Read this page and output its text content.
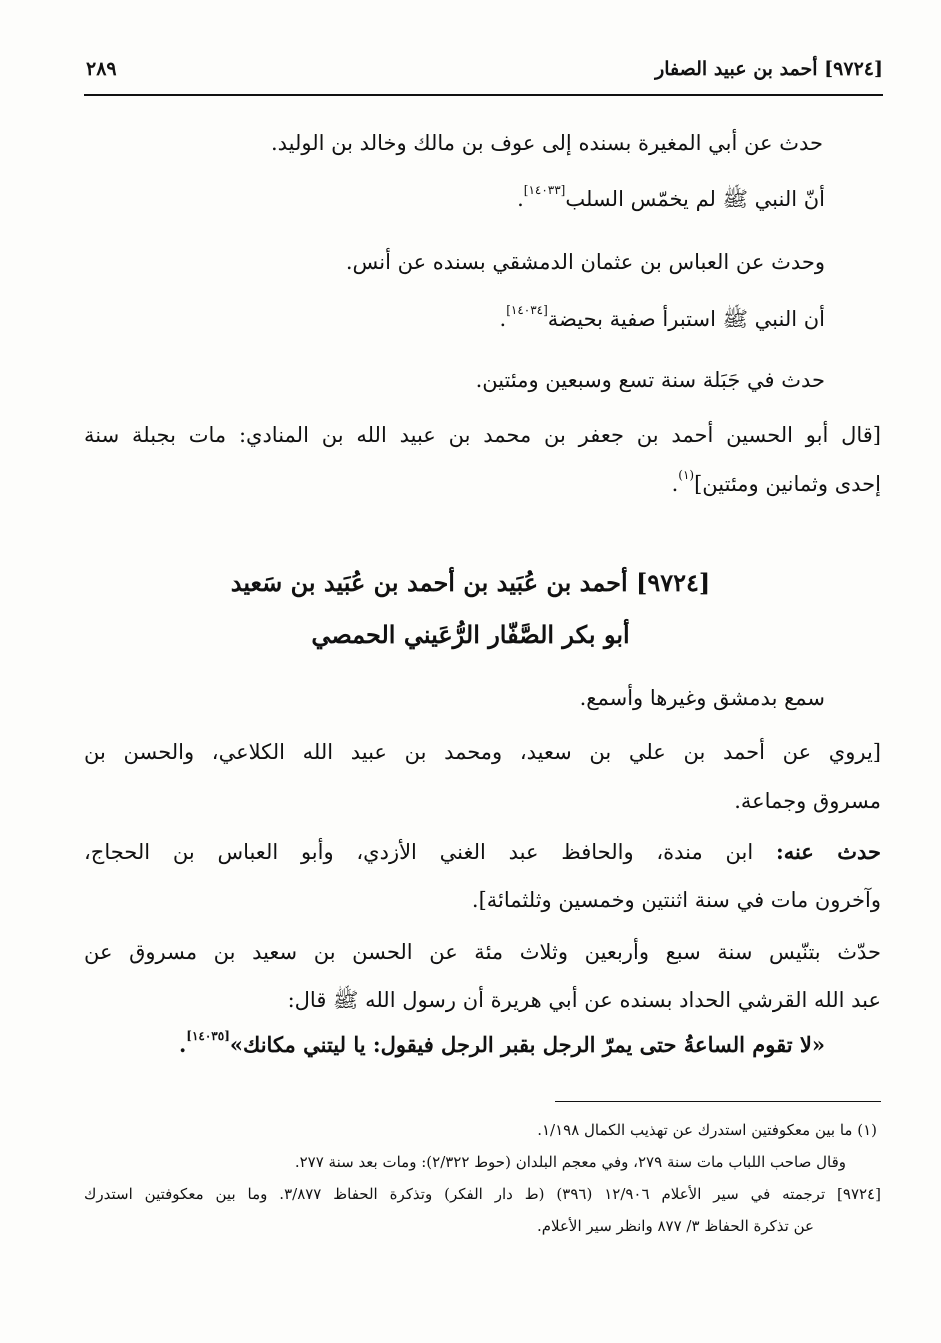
[٩٧٢٤] أحمد بن عبيد الصفار
٢٨٩
حدث عن أبي المغيرة بسنده إلى عوف بن مالك وخالد بن الوليد.
أنّ النبي ﷺ لم يخمّس السلب[١٤٠٣٣].
وحدث عن العباس بن عثمان الدمشقي بسنده عن أنس.
أن النبي ﷺ استبرأ صفية بحيضة[١٤٠٣٤].
حدث في جَبَلة سنة تسع وسبعين ومئتين.
[قال أبو الحسين أحمد بن جعفر بن محمد بن عبيد الله بن المنادي: مات بجبلة سنة
إحدى وثمانين ومئتين]$^{(١)}$.
[٩٧٢٤] أحمد بن عُبَيد بن أحمد بن عُبَيد بن سَعيد
أبو بكر الصَّفّار الرُّعَيني الحمصي
سمع بدمشق وغيرها وأسمع.
[يروي عن أحمد بن علي بن سعيد، ومحمد بن عبيد الله الكلاعي، والحسن بن
مسروق وجماعة.
حدث عنه: ابن مندة، والحافظ عبد الغني الأزدي، وأبو العباس بن الحجاج،
وآخرون مات في سنة اثنتين وخمسين وثلثمائة].
حدّث بتنّيس سنة سبع وأربعين وثلاث مئة عن الحسن بن سعيد بن مسروق عن
عبد الله القرشي الحداد بسنده عن أبي هريرة أن رسول الله ﷺ قال:
«لا تقوم الساعةُ حتى يمرّ الرجل بقبر الرجل فيقول: يا ليتني مكانك»[١٤٠٣٥].
(١) ما بين معكوفتين استدرك عن تهذيب الكمال ١/١٩٨.
وقال صاحب اللباب مات سنة ٢٧٩، وفي معجم البلدان (حوط ٢/٣٢٢): ومات بعد سنة ٢٧٧.
[٩٧٢٤] ترجمته في سير الأعلام ١٢/٩٠٦ (٣٩٦) (ط دار الفكر) وتذكرة الحفاظ ٣/٨٧٧. وما بين معكوفتين استدرك
عن تذكرة الحفاظ ٣/ ٨٧٧ وانظر سير الأعلام.
